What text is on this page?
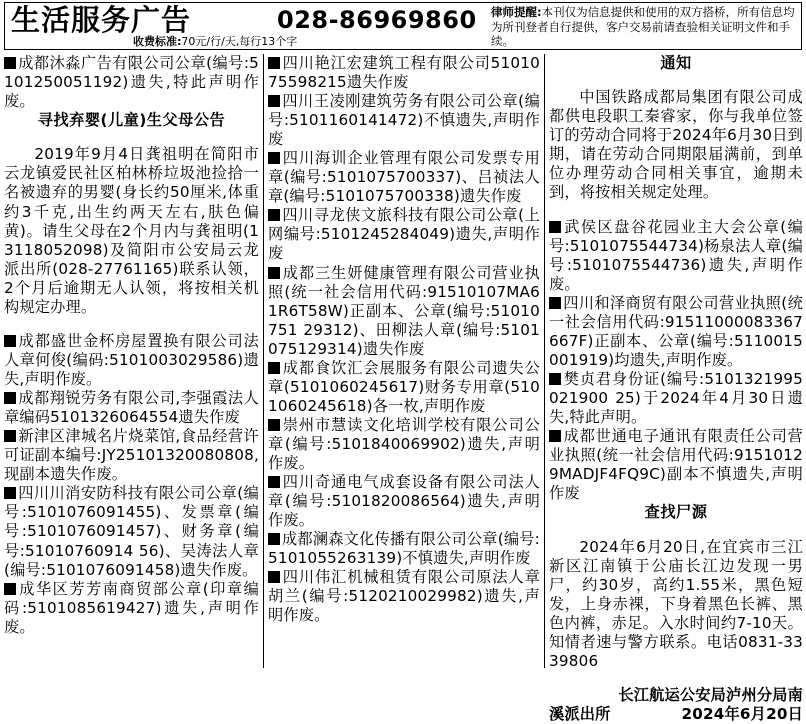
生活服务广告	028-86969860
收费标准:70元/行/天,每行13个字
律师提醒:本刊仅为信息提供和使用的双方搭桥，所有信息均为所刊登者自行提供，客户交易前请查验相关证明文件和手续。

成都沐淼广告有限公司公章(编号:5101250051192)遗失,特此声明作废。

寻找弃婴(儿童)生父母公告

2019年9月4日龚祖明在简阳市云龙镇爱民社区柏林桥垃圾池捡拾一名被遗弃的男婴(身长约50厘米,体重约3千克,出生约两天左右,肤色偏黄)。请生父母在2个月内与龚祖明(13118052098)及简阳市公安局云龙派出所(028-27761165)联系认领，2个月后逾期无人认领，将按相关机构规定办理。

成都盛世金杯房屋置换有限公司法人章何俊(编码:5101003029586)遗失,声明作废。

成都翔锐劳务有限公司,李强霞法人章编码5101326064554遗失作废

新津区津城名片烧菜馆,食品经营许可证副本编号:JY25101320080808,现副本遗失作废。

四川川消安防科技有限公司公章(编号:5101076091455)、发票章(编号:5101076091457)、财务章(编号:51010760914 56)、吴涛法人章(编号:5101076091458)遗失作废。

成华区芳芳南商贸部公章(印章编码:5101085619427)遗失,声明作废。

四川艳江宏建筑工程有限公司5101075598215遗失作废

四川王凌刚建筑劳务有限公司公章(编号:5101160141472)不慎遗失,声明作废

四川海训企业管理有限公司发票专用章(编号:5101075700337)、吕祯法人章(编号:5101075700338)遗失作废

四川寻龙侠文旅科技有限公司公章(上网编号:5101245284049)遗失,声明作废

成都三生妍健康管理有限公司营业执照(统一社会信用代码:91510107MA61R6T58W)正副本、公章(编号:51010751 29312)、田柳法人章(编号:5101075129314)遗失作废

成都食饮汇会展服务有限公司遗失公章(5101060245617)财务专用章(5101060245618)各一枚,声明作废

崇州市慧读文化培训学校有限公司公章(编号:5101840069902)遗失,声明作废。

四川奇通电气成套设备有限公司法人章(编号:5101820086564)遗失,声明作废。

成都澜森文化传播有限公司公章(编号:5101055263139)不慎遗失,声明作废

四川伟汇机械租赁有限公司原法人章胡兰(编号:5120210029982)遗失,声明作废。

通知

中国铁路成都局集团有限公司成都供电段职工秦睿家，你与我单位签订的劳动合同将于2024年6月30日到期，请在劳动合同期限届满前，到单位办理劳动合同相关事宜，逾期未到，将按相关规定处理。

武侯区盘谷花园业主大会公章(编号:5101075544734)杨泉法人章(编号:5101075544736)遗失,声明作废。

四川和泽商贸有限公司营业执照(统一社会信用代码:91511000083367667F)正副本、公章(编号:5110015001919)均遗失,声明作废。

樊贞君身份证(编号:5101321995021900 25)于2024年4月30日遗失,特此声明。

成都世通电子通讯有限责任公司营业执照(统一社会信用代码:91510129MADJF4FQ9C)副本不慎遗失,声明作废

查找尸源

2024年6月20日,在宜宾市三江新区江南镇于公庙长江边发现一男尸，约30岁，高约1.55米，黑色短发，上身赤裸，下身着黑色长裤、黑色内裤，赤足。入水时间约7-10天。知情者速与警方联系。电话0831-3339806

长江航运公安局泸州分局南
溪派出所	2024年6月20日
